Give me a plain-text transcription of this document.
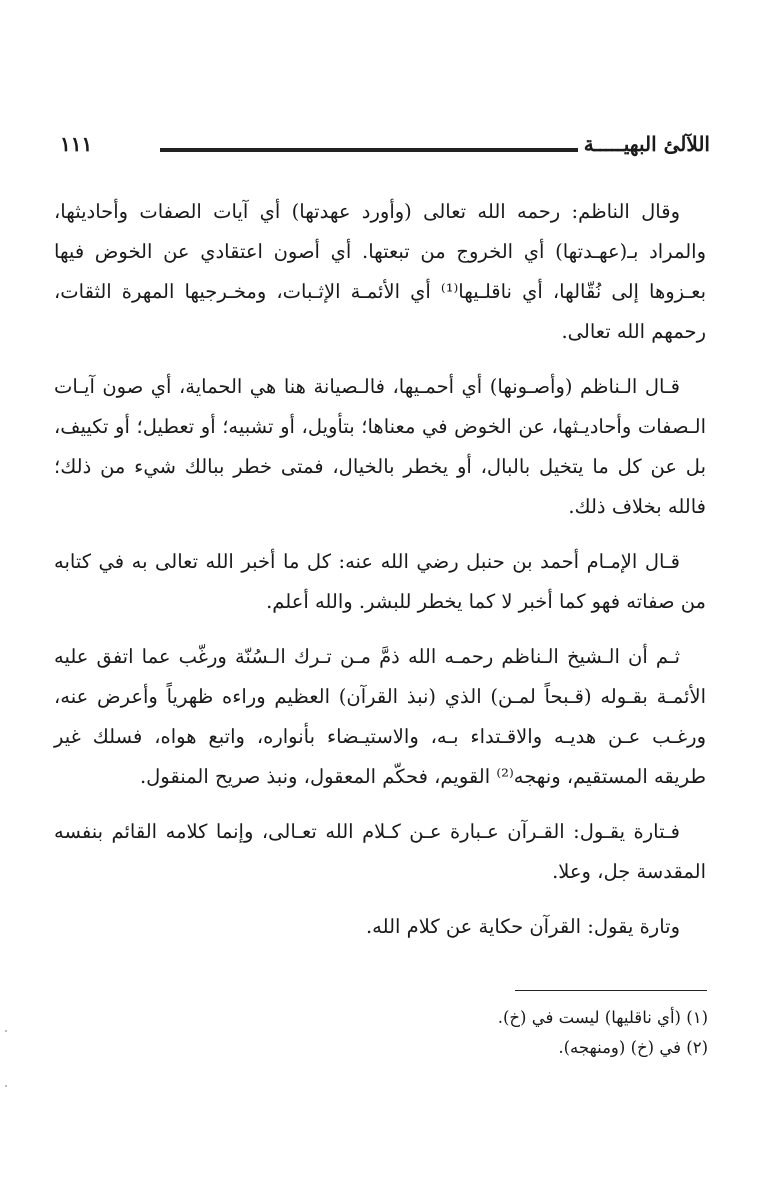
١١١	اللآلئ البهيـــــة

وقال الناظم: رحمه الله تعالى (وأورد عهدتها) أي آيات الصفات وأحاديثها، والمراد بـ(عهـدتها) أي الخروج من تبعتها. أي أصون اعتقادي عن الخوض فيها بعـزوها إلى نُقّالها، أي ناقلـيها⁽¹⁾ أي الأئمـة الإثـبات، ومخـرجيها المهرة الثقات، رحمهم الله تعالى.

قـال الـناظم (وأصـونها) أي أحمـيها، فالـصيانة هنا هي الحماية، أي صون آيـات الـصفات وأحاديـثها، عن الخوض في معناها؛ بتأويل، أو تشبيه؛ أو تعطيل؛ أو تكييف، بل عن كل ما يتخيل بالبال، أو يخطر بالخيال، فمتى خطر ببالك شيء من ذلك؛ فالله بخلاف ذلك.

قـال الإمـام أحمد بن حنبل رضي الله عنه: كل ما أخبر الله تعالى به في كتابه من صفاته فهو كما أخبر لا كما يخطر للبشر. والله أعلم.

ثـم أن الـشيخ الـناظم رحمـه الله ذمَّ مـن تـرك الـسُنّة ورغّب عما اتفق عليه الأئمـة بقـوله (قـبحاً لمـن) الذي (نبذ القرآن) العظيم وراءه ظهرياً وأعرض عنه، ورغـب عـن هديـه والاقـتداء بـه، والاستيـضاء بأنواره، واتبع هواه، فسلك غير طريقه المستقيم، ونهجه⁽²⁾ القويم، فحكّم المعقول، ونبذ صريح المنقول.

فـتارة يقـول: القـرآن عـبارة عـن كـلام الله تعـالى، وإنما كلامه القائم بنفسه المقدسة جل، وعلا.

وتارة يقول: القرآن حكاية عن كلام الله.

(١) (أي ناقليها) ليست في (خ).

(٢) في (خ) (ومنهجه).
